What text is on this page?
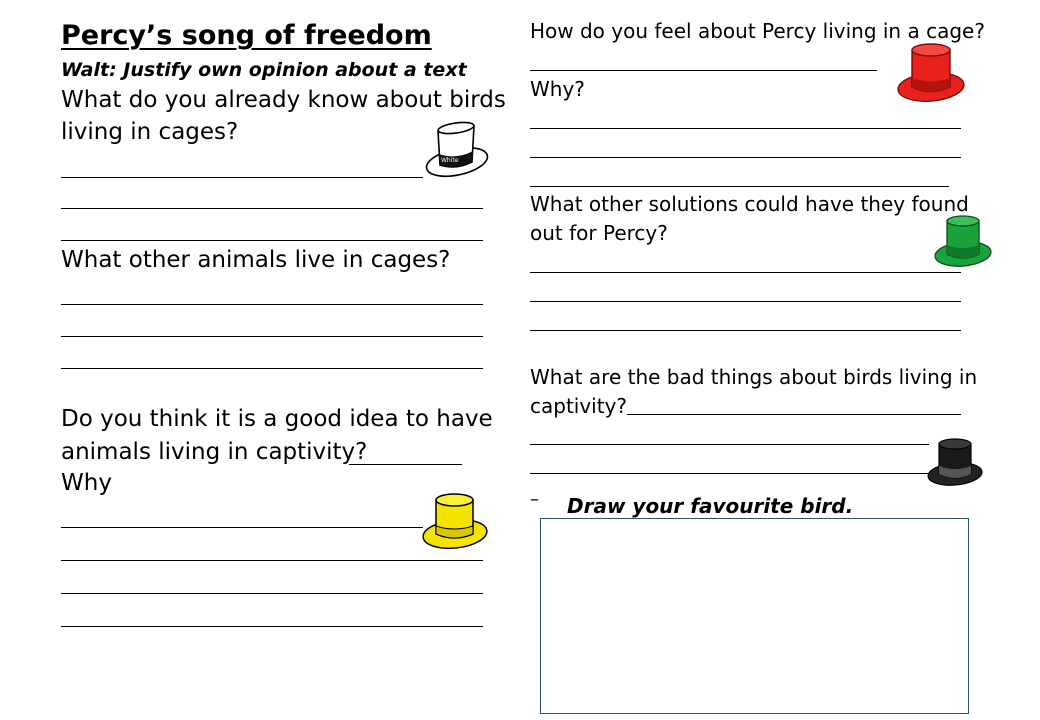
Percy’s song of freedom
Walt: Justify own opinion about a text
What do you already know about birds
living in cages?
What other animals live in cages?
Do you think it is a good idea to have
animals living in captivity?
Why
White
How do you feel about Percy living in a cage?
Why?
What other solutions could have they found
out for Percy?
What are the bad things about birds living in
captivity?
– Draw your favourite bird.
